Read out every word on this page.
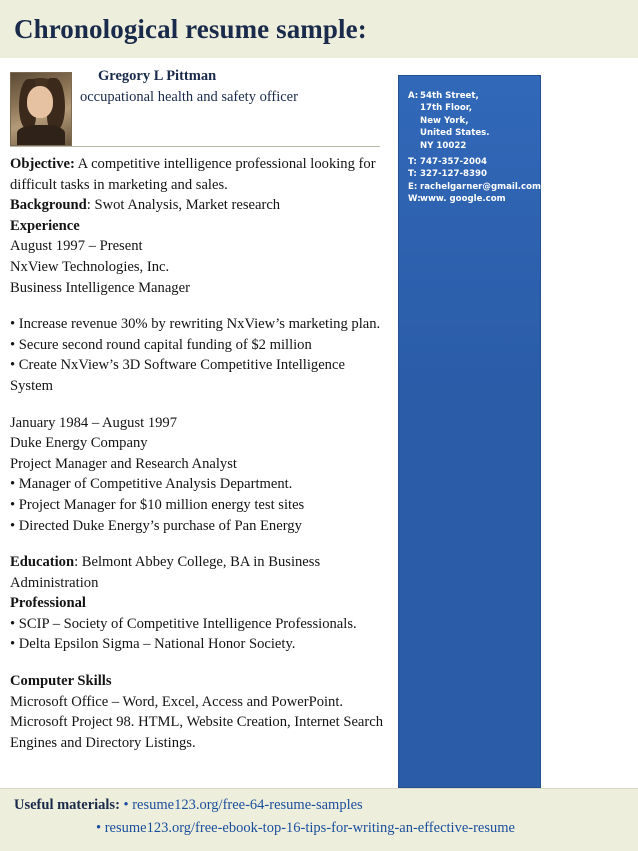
Chronological resume sample:
Gregory L Pittman
occupational health and safety officer

Objective: A competitive intelligence professional looking for difficult tasks in marketing and sales.

Background: Swot Analysis, Market research

Experience

August 1997 – Present

NxView Technologies, Inc.

Business Intelligence Manager

• Increase revenue 30% by rewriting NxView’s marketing plan.

• Secure second round capital funding of $2 million

• Create NxView’s 3D Software Competitive Intelligence System

January 1984 – August 1997

Duke Energy Company

Project Manager and Research Analyst

• Manager of Competitive Analysis Department.

• Project Manager for $10 million energy test sites

• Directed Duke Energy’s purchase of Pan Energy

Education: Belmont Abbey College, BA in Business Administration

Professional

• SCIP – Society of Competitive Intelligence Professionals.

• Delta Epsilon Sigma – National Honor Society.

Computer Skills

Microsoft Office – Word, Excel, Access and PowerPoint.

Microsoft Project 98. HTML, Website Creation, Internet Search Engines and Directory Listings.

A: 54th Street,
17th Floor,
New York,
United States.
NY 10022
T: 747-357-2004
T: 327-127-8390
E: rachelgarner@gmail.com
W: www. google.com
Useful materials: • resume123.org/free-64-resume-samples
• resume123.org/free-ebook-top-16-tips-for-writing-an-effective-resume
